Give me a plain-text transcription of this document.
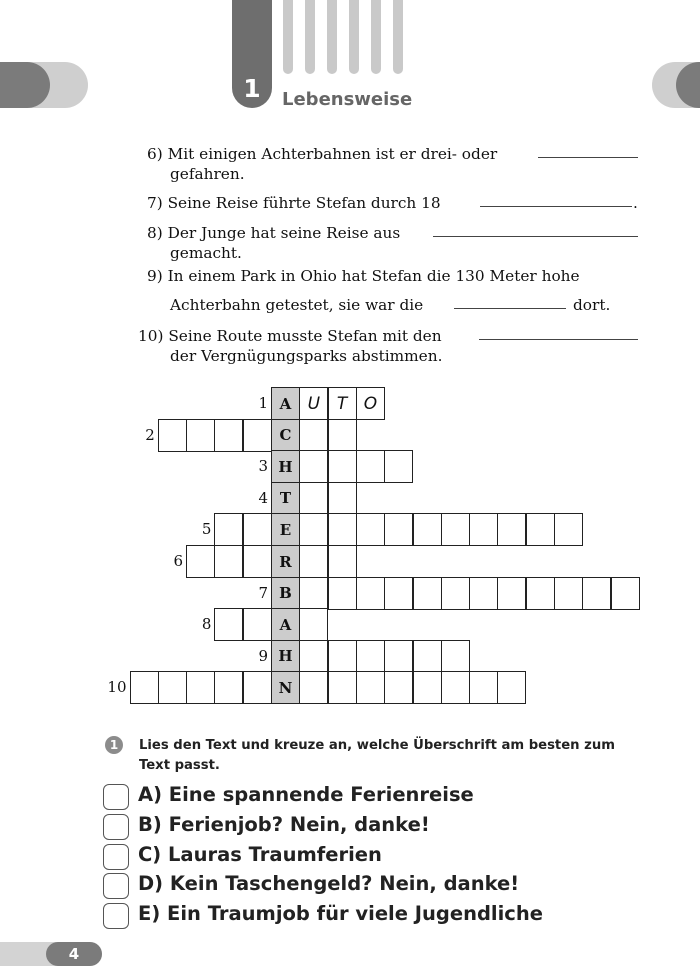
1	Lebensweise
6) Mit einigen Achterbahnen ist er drei- oder
gefahren.
7) Seine Reise führte Stefan durch 18	.
8) Der Junge hat seine Reise aus
gemacht.
9) In einem Park in Ohio hat Stefan die 130 Meter hohe
Achterbahn getestet, sie war die	dort.
10) Seine Route musste Stefan mit den
der Vergnügungsparks abstimmen.
1 A U T O
2	C
3 H
4 T
5	E
6	R
7 B
8	A
9 H
10	N
1	Lies den Text und kreuze an, welche Überschrift am besten zum Text passt.
A) Eine spannende Ferienreise
B) Ferienjob? Nein, danke!
C) Lauras Traumferien
D) Kein Taschengeld? Nein, danke!
E) Ein Traumjob für viele Jugendliche
4
